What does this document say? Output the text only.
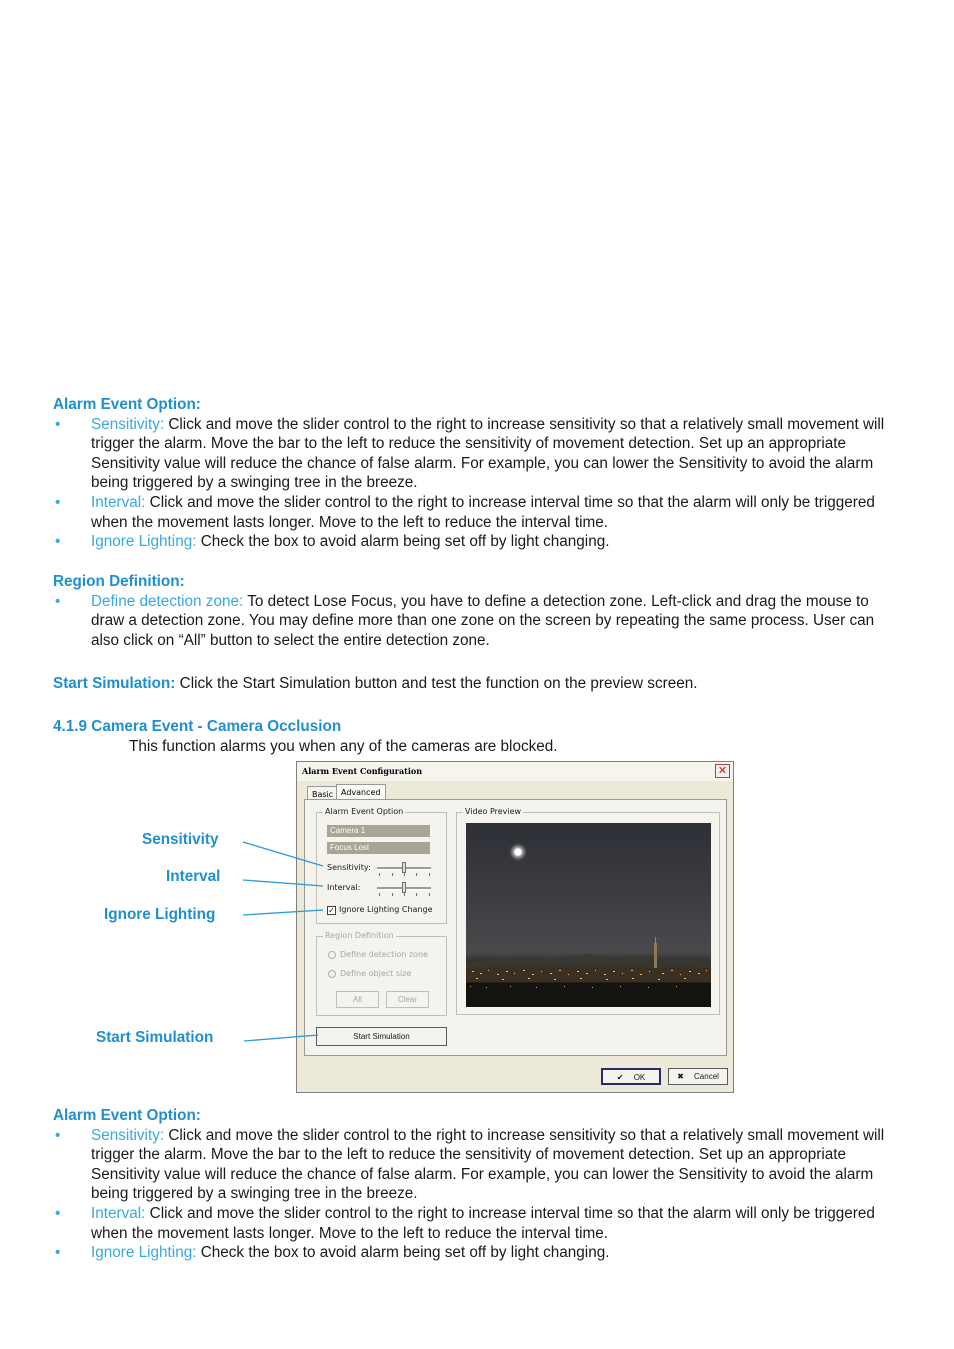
Alarm Event Option:
• Sensitivity: Click and move the slider control to the right to increase sensitivity so that a relatively small movement will trigger the alarm. Move the bar to the left to reduce the sensitivity of movement detection. Set up an appropriate Sensitivity value will reduce the chance of false alarm. For example, you can lower the Sensitivity to avoid the alarm being triggered by a swinging tree in the breeze.
• Interval: Click and move the slider control to the right to increase interval time so that the alarm will only be triggered when the movement lasts longer. Move to the left to reduce the interval time.
• Ignore Lighting: Check the box to avoid alarm being set off by light changing.
Region Definition:
• Define detection zone: To detect Lose Focus, you have to define a detection zone. Left-click and drag the mouse to draw a detection zone. You may define more than one zone on the screen by repeating the same process. User can also click on “All” button to select the entire detection zone.
Start Simulation: Click the Start Simulation button and test the function on the preview screen.
4.1.9 Camera Event - Camera Occlusion
This function alarms you when any of the cameras are blocked.
Alarm Event Configuration	✕
Basic Advanced
Alarm Event Option
Camera 1
Focus Lost
Sensitivity:
Interval:
✓ Ignore Lighting Change
Region Definition
Define detection zone
Define object size
All	Clear
Start Simulation
Video Preview
✔ OK	✖ Cancel
Sensitivity
Interval
Ignore Lighting
Start Simulation
Alarm Event Option:
• Sensitivity: Click and move the slider control to the right to increase sensitivity so that a relatively small movement will trigger the alarm. Move the bar to the left to reduce the sensitivity of movement detection. Set up an appropriate Sensitivity value will reduce the chance of false alarm. For example, you can lower the Sensitivity to avoid the alarm being triggered by a swinging tree in the breeze.
• Interval: Click and move the slider control to the right to increase interval time so that the alarm will only be triggered when the movement lasts longer. Move to the left to reduce the interval time.
• Ignore Lighting: Check the box to avoid alarm being set off by light changing.
